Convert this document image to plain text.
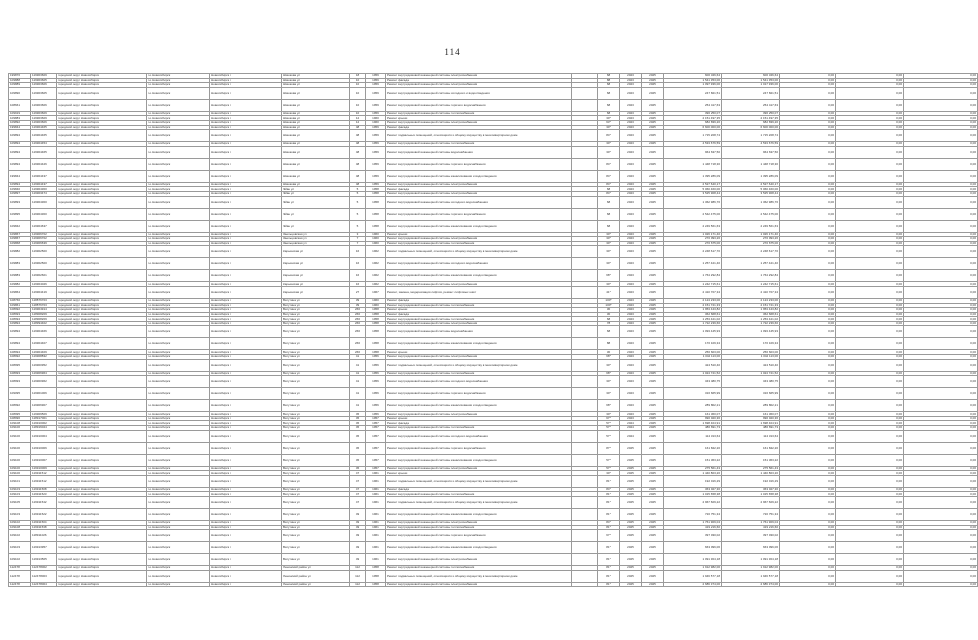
114
199876	119903609	городской округ Новосибирск	г.о.Новосибирск	Новосибирск г	Шишкова ул	18	1959	Ремонт внутридомовой инженерной системы электроснабжения		68	2023	2025	600 346,64	600 346,64	0,00	0,00	0,00
109888	119903605	городской округ Новосибирск	г.о.Новосибирск	Новосибирск г	Шишкова ул	10	1959	Ремонт фасада		88	2023	2025	1 541 353,00	1 541 353,00	0,00	0,00	0,00
109889	119903606	городской округ Новосибирск	г.о.Новосибирск	Новосибирск г	Шишкова ул	10	1959	Ремонт внутридомовой инженерной системы электроснабжения		68	2023	2025	1 097 936,00	1 017 936,00	0,00	0,00	0,00
109890	119903605	городской округ Новосибирск	г.о.Новосибирск	Новосибирск г	Шишкова ул	10	1959	Ремонт внутридомовой инженерной системы холодного и водоотведения		68	2023	2025	247 821,51	247 821,51	0,00	0,00	0,00
108661	119903606	городской округ Новосибирск	г.о.Новосибирск	Новосибирск г	Шишкова ул	10	1959	Ремонт внутридомовой инженерной системы горячего водоснабжения		68	2023	2025	254 417,63	254 417,63	0,00	0,00	0,00
109919	119903609	городской округ Новосибирск	г.о.Новосибирск	Новосибирск г	Шишкова ул	10	1959	Ремонт внутридомовой инженерной системы теплоснабжения		68	2023	2025	396 250,07	396 250,07	0,00	0,00	0,00
109883	119903609	городской округ Новосибирск	г.о.Новосибирск	Новосибирск г	Шишкова ул	12	1960	Ремонт крыши		30*	2023	2025	2 151 497,35	2 151 497,35	0,00	0,00	0,00
109892	119903606	городской округ Новосибирск	г.о.Новосибирск	Новосибирск г	Шишкова ул	12	1960	Ремонт внутридомовой инженерной системы электроснабжения		63*	2023	2025	682 839,20	682 839,20	0,00	0,00	0,00
199844	119904465	городской округ Новосибирск	г.о.Новосибирск	Новосибирск г	Шишкова ул	48	1959	Ремонт фасада		30*	2023	2025	6 600 000,00	6 600 000,00	0,00	0,00	0,00
109894	119904465	городской округ Новосибирск	г.о.Новосибирск	Новосибирск г	Шишкова ул	48	1959	Ремонт подвальных помещений, относящихся к общему имуществу в многоквартирном доме		84*	2023	2025	1 715 208,74	1 715 208,74	0,00	0,00	0,00
109894	119904454	городской округ Новосибирск	г.о.Новосибирск	Новосибирск г	Шишкова ул	48	1959	Ремонт внутридомовой инженерной системы теплоснабжения		30*	2023	2025	4 533 676,59	4 533 676,59	0,00	0,00	0,00
109894	119904465	городской округ Новосибирск	г.о.Новосибирск	Новосибирск г	Шишкова ул	48	1959	Ремонт внутридомовой инженерной системы водоснабжения		30*	2023	2025	964 637,50	964 637,50	0,00	0,00	0,00
109894	119904426	городской округ Новосибирск	г.о.Новосибирск	Новосибирск г	Шишкова ул	48	1959	Ремонт внутридомовой инженерной системы горячего водоснабжения		84*	2023	2025	1 448 718,30	1 448 718,30	0,00	0,00	0,00
199844	119904437	городской округ Новосибирск	г.о.Новосибирск	Новосибирск г	Шишкова ул	48	1959	Ремонт внутридомовой инженерной системы канализования и водоотведения		84*	2023	2025	1 395 286,09	1 395 286,09	0,00	0,00	0,00
109894	119904437	городской округ Новосибирск	г.о.Новосибирск	Новосибирск г	Шишкова ул	48	1959	Ремонт внутридомовой инженерной системы электроснабжения		84*	2023	2025	2 527 640,17	2 527 640,17	0,00	0,00	0,00
109840	119904300	городской округ Новосибирск	г.о.Новосибирск	Новосибирск г	Эйве ул	5	1958	Ремонт фасада		68	2023	2025	5 060 460,00	5 060 460,00	0,00	0,00	0,00
109897	119903474	городской округ Новосибирск	г.о.Новосибирск	Новосибирск г	Эйве ул	5	1958	Ремонт внутридомовой инженерной системы электроснабжения		84*	2023	2025	3 525 908,44	3 525 908,44	0,00	0,00	0,00
109893	119904300	городской округ Новосибирск	г.о.Новосибирск	Новосибирск г	Эйве ул	5	1958	Ремонт внутридомовой инженерной системы холодного водоснабжения		68	2023	2025	1 362 986,76	1 362 986,76	0,00	0,00	0,00
109895	119904300	городской округ Новосибирск	г.о.Новосибирск	Новосибирск г	Эйве ул	5	1958	Ремонт внутридомовой инженерной системы горячего водоснабжения		68	2023	2025	2 542 475,00	2 542 475,00	0,00	0,00	0,00
109842	119904637	городской округ Новосибирск	г.о.Новосибирск	Новосибирск г	Эйве ул	5	1958	Ремонт внутридомовой инженерной системы канализования и водоотведения		68	2023	2025	2 249 561,63	2 249 561,63	0,00	0,00	0,00
109867	119906702	городской округ Новосибирск	г.о.Новосибирск	Новосибирск г	Заельцовская ул	3	1960	Ремонт крыши		30*	2023	2025	1 026 171,40	1 026 171,40	0,00	0,00	0,00
109867	119906702	городской округ Новосибирск	г.о.Новосибирск	Новосибирск г	Заельцовская ул	7	1960	Ремонт внутридомовой инженерной системы электроснабжения		30*	2023	2025	270 093,26	270 093,26	0,00	0,00	0,00
109868	119906639	городской округ Новосибирск	г.о.Новосибирск	Новосибирск г	Заельцовская ул	7	1960	Ремонт внутридомовой инженерной системы теплоснабжения		30*	2023	2025	270 675,00	270 675,00	0,00	0,00	0,00
109882	119902500	городской округ Новосибирск	г.о.Новосибирск	Новосибирск г	Карьинская ул	16	1962	Ремонт подвальных помещений, относящихся к общему имуществу в многоквартирном доме		30*	2023	2025	2 248 617,70	2 248 617,70	0,00	0,00	0,00
109883	119902500	городской округ Новосибирск	г.о.Новосибирск	Новосибирск г	Карьинская ул	16	1962	Ремонт внутридомовой инженерной системы холодного водоснабжения		30*	2023	2025	1 257 421,40	1 257 421,40	0,00	0,00	0,00
109883	119902601	городской округ Новосибирск	г.о.Новосибирск	Новосибирск г	Карьинская ул	16	1962	Ремонт внутридомовой инженерной системы канализования и водоотведения		68*	2023	2025	1 764 292,84	1 764 292,84	0,00	0,00	0,00
109882	119904026	городской округ Новосибирск	г.о.Новосибирск	Новосибирск г	Карьинская ул	16	1962	Ремонт внутридомовой инженерной системы электроснабжения		30*	2023	2025	1 242 715,61	1 242 715,61	0,00	0,00	0,00
109864	119904419	городской округ Новосибирск	г.о.Новосибирск	Новосибирск г	Карьинская ул	27	1967	Ремонт, замена, модернизация лифтов, ремонт лифтовых шахт		41*	2023	2025	2 410 707,34	2 410 707,34	0,00	0,00	0,00
108766	118876703	городской округ Новосибирск	г.о.Новосибирск	Новосибирск г	Ватутина ул	39	1960	Ремонт фасада		100*	2023	2025	2 124 233,00	2 124 233,00	0,00	0,00	0,00
109861	118876703	городской округ Новосибирск	г.о.Новосибирск	Новосибирск г	Ватутина ул	39	1960	Ремонт внутридомовой инженерной системы теплоснабжения		100*	2023	2025	2 151 721,33	2 151 721,33	0,00	0,00	0,00
108992	119904914	городской округ Новосибирск	г.о.Новосибирск	Новосибирск г	Ватутина ул	266	1958	Ремонт крыши		30	2023	2025	1 953 443,82	1 953 443,82	0,00	0,00	0,00
108993	118908209	городской округ Новосибирск	г.о.Новосибирск	Новосибирск г	Ватутина ул	266	1958	Ремонт фасада		30	2023	2025	362 668,61	362 668,61	0,00	0,00	0,00
108994	118908209	городской округ Новосибирск	г.о.Новосибирск	Новосибирск г	Ватутина ул	266	1958	Ремонт внутридомовой инженерной системы теплоснабжения		68	2023	2025	1 253 421,02	1 253 421,02	0,00	0,00	0,00
109894	118994402	городской округ Новосибирск	г.о.Новосибирск	Новосибирск г	Ватутина ул	266	1958	Ремонт внутридомовой инженерной системы электроснабжения		78	2023	2025	1 722 239,66	1 722 239,66	0,00	0,00	0,00
109894	119904466	городской округ Новосибирск	г.о.Новосибирск	Новосибирск г	Ватутина ул	266	1958	Ремонт внутридомовой инженерной системы водоснабжения		68	2023	2025	1 093 445,93	1 093 445,93	0,00	0,00	0,00
109894	119904407	городской округ Новосибирск	г.о.Новосибирск	Новосибирск г	Ватутина ул	266	1958	Ремонт внутридомовой инженерной системы канализования и водоотведения		88	2023	2025	170 109,34	170 109,34	0,00	0,00	0,00
108994	119904409	городской округ Новосибирск	г.о.Новосибирск	Новосибирск г	Ватутина ул	266	1958	Ремонт крыши		30	2023	2025	256 603,00	256 603,00	0,00	0,00	0,00
108992	119908832	городской округ Новосибирск	г.о.Новосибирск	Новосибирск г	Ватутина ул	41	1956	Ремонт внутридомовой инженерной системы электроснабжения		68*	2023	2025	1 042 113,00	1 042 113,00	0,00	0,00	0,00
108995	119900952	городской округ Новосибирск	г.о.Новосибирск	Новосибирск г	Ватутина ул	41	1956	Ремонт подвальных помещений, относящихся к общему имуществу в многоквартирном доме		30*	2023	2025	424 510,40	424 510,40	0,00	0,00	0,00
108993	119906964	городской округ Новосибирск	г.о.Новосибирск	Новосибирск г	Ватутина ул	41	1956	Ремонт внутридомовой инженерной системы теплоснабжения		68*	2023	2025	1 024 721,52	1 024 721,52	0,00	0,00	0,00
108993	119900962	городской округ Новосибирск	г.о.Новосибирск	Новосибирск г	Ватутина ул	41	1956	Ремонт внутридомовой инженерной системы холодного водоснабжения		30*	2023	2025	343 480,75	343 480,75	0,00	0,00	0,00
109095	119901006	городской округ Новосибирск	г.о.Новосибирск	Новосибирск г	Ватутина ул	41	1956	Ремонт внутридомовой инженерной системы горячего водоснабжения		30*	2023	2025	316 665,99	316 665,99	0,00	0,00	0,00
108992	119906907	городской округ Новосибирск	г.о.Новосибирск	Новосибирск г	Ватутина ул	41	1956	Ремонт внутридомовой инженерной системы канализования и водоотведения		68*	2023	2025	289 802,21	289 802,21	0,00	0,00	0,00
108995	119909509	городской округ Новосибирск	г.о.Новосибирск	Новосибирск г	Ватутина ул	45	1956	Ремонт внутридомовой инженерной системы электроснабжения		30*	2023	2025	161 360,07	161 360,07	0,00	0,00	0,00
108996	118917001	городской округ Новосибирск	г.о.Новосибирск	Новосибирск г	Ватутина ул	45	1957	Ремонт крыши		67*	2023	2025	990 020,36	990 020,36	0,00	0,00	0,00
109108	119910002	городской округ Новосибирск	г.о.Новосибирск	Новосибирск г	Ватутина ул	45	1957	Ремонт фасада		57*	2024	2025	1 698 404,91	1 698 404,91	0,00	0,00	0,00
109100	118916024	городской округ Новосибирск	г.о.Новосибирск	Новосибирск г	Ватутина ул	45	1957	Ремонт внутридомовой инженерной системы теплоснабжения		57*	2024	2025	486 691,73	486 691,73	0,00	0,00	0,00
109100	119910004	городской округ Новосибирск	г.о.Новосибирск	Новосибирск г	Ватутина ул	45	1957	Ремонт внутридомовой инженерной системы холодного водоснабжения		57*	2024	2025	114 313,64	114 313,64	0,00	0,00	0,00
109100	119910006	городской округ Новосибирск	г.о.Новосибирск	Новосибирск г	Ватутина ул	45	1957	Ремонт внутридомовой инженерной системы горячего водоснабжения		87*	2025	2025	161 842,20	161 842,20	0,00	0,00	0,00
109100	119910007	городской округ Новосибирск	г.о.Новосибирск	Новосибирск г	Ватутина ул	45	1957	Ремонт внутридомовой инженерной системы канализования и водоотведения		57*	2025	2025	151 363,22	151 363,22	0,00	0,00	0,00
109100	119910009	городской округ Новосибирск	г.о.Новосибирск	Новосибирск г	Ватутина ул	45	1957	Ремонт внутридомовой инженерной системы электроснабжения		57*	2025	2025	275 561,43	275 561,43	0,00	0,00	0,00
109100	119911512	городской округ Новосибирск	г.о.Новосибирск	Новосибирск г	Ватутина ул	47	1961	Ремонт крыши		30*	2025	2025	1 440 803,20	1 440 803,20	0,00	0,00	0,00
109101	119911512	городской округ Новосибирск	г.о.Новосибирск	Новосибирск г	Ватутина ул	47	1961	Ремонт подвальных помещений, относящихся к общему имуществу в многоквартирном доме		81*	2025	2025	192 016,29	192 016,29	0,00	0,00	0,00
109103	119911508	городской округ Новосибирск	г.о.Новосибирск	Новосибирск г	Ватутина ул	47	1961	Ремонт фасада		84*	2025	2025	363 027,30	363 027,30	0,00	0,00	0,00
109103	119911523	городской округ Новосибирск	г.о.Новосибирск	Новосибирск г	Ватутина ул	47	1961	Ремонт внутридомовой инженерной системы теплоснабжения		81*	2025	2025	1 015 658,38	1 015 658,38	0,00	0,00	0,00
109105	119911542	городской округ Новосибирск	г.о.Новосибирск	Новосибирск г	Ватутина ул	47	1961	Ремонт подвальных помещений, относящихся к общему имуществу в многоквартирном доме		81*	2025	2025	2 967 609,22	2 967 609,22	0,00	0,00	0,00
109103	119911522	городской округ Новосибирск	г.о.Новосибирск	Новосибирск г	Ватутина ул	49	1961	Ремонт внутридомовой инженерной системы канализования и водоотведения		81*	2025	2025	720 751,34	720 751,34	0,00	0,00	0,00
109102	119911504	городской округ Новосибирск	г.о.Новосибирск	Новосибирск г	Ватутина ул	49	1961	Ремонт внутридомовой инженерной системы электроснабжения		84*	2025	2025	1 761 909,04	1 761 909,04	0,00	0,00	0,00
109108	119911538	городской округ Новосибирск	г.о.Новосибирск	Новосибирск г	Ватутина ул	49	1961	Ремонт внутридомовой инженерной системы теплоснабжения		81*	2025	2025	419 216,60	419 216,60	0,00	0,00	0,00
109102	118911026	городской округ Новосибирск	г.о.Новосибирск	Новосибирск г	Ватутина ул	49	1961	Ремонт внутридомовой инженерной системы горячего водоснабжения		67*	2025	2025	397 030,02	397 030,02	0,00	0,00	0,00
109103	119913957	городской округ Новосибирск	г.о.Новосибирск	Новосибирск г	Ватутина ул	49	1961	Ремонт внутридомовой инженерной системы канализования и водоотведения		81*	2025	2025	663 096,06	663 096,06	0,00	0,00	0,00
109102	119913505	городской округ Новосибирск	г.о.Новосибирск	Новосибирск г	Ватутина ул	49	1961	Ремонт внутридомовой инженерной системы электроснабжения		81*	2025	2025	1 091 304,18	1 091 304,18	0,00	0,00	0,00
112478	112478002	городской округ Новосибирск	г.о.Новосибирск	Новосибирск г	Ленинский район ул	112	1958	Ремонт внутридомовой инженерной системы теплоснабжения		81*	2025	2025	1 912 982,00	1 912 982,00	0,00	0,00	0,00
112478	112478003	городской округ Новосибирск	г.о.Новосибирск	Новосибирск г	Ленинский район ул	112	1958	Ремонт подвальных помещений, относящихся к общему имуществу в многоквартирном доме		81*	2025	2025	1 946 577,18	1 946 577,18	0,00	0,00	0,00
112478	112478004	городской округ Новосибирск	г.о.Новосибирск	Новосибирск г	Ленинский район ул	112	1958	Ремонт внутридомовой инженерной системы электроснабжения		81*	2025	2025	2 686 374,00	2 686 374,00	0,00	0,00	0,00
